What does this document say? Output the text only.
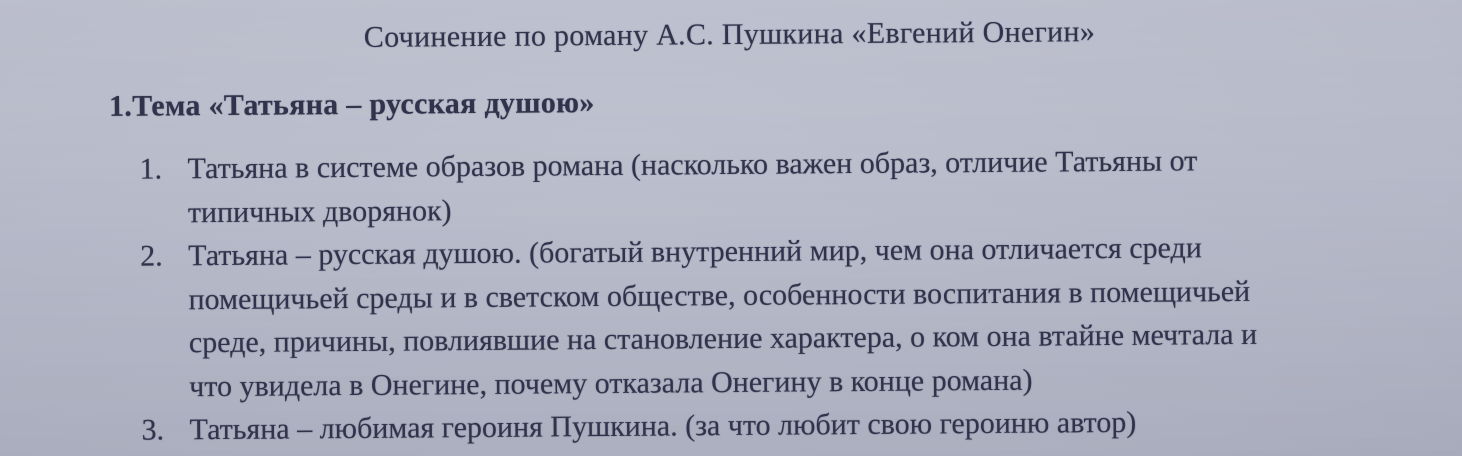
Сочинение по роману А.С. Пушкина «Евгений Онегин»
1.Тема «Татьяна – русская душою»
1. Татьяна в системе образов романа (насколько важен образ, отличие Татьяны от типичных дворянок)
2. Татьяна – русская душою. (богатый внутренний мир, чем она отличается среди помещичьей среды и в светском обществе, особенности воспитания в помещичьей среде, причины, повлиявшие на становление характера, о ком она втайне мечтала и что увидела в Онегине, почему отказала Онегину в конце романа)
3. Татьяна – любимая героиня Пушкина. (за что любит свою героиню автор)
